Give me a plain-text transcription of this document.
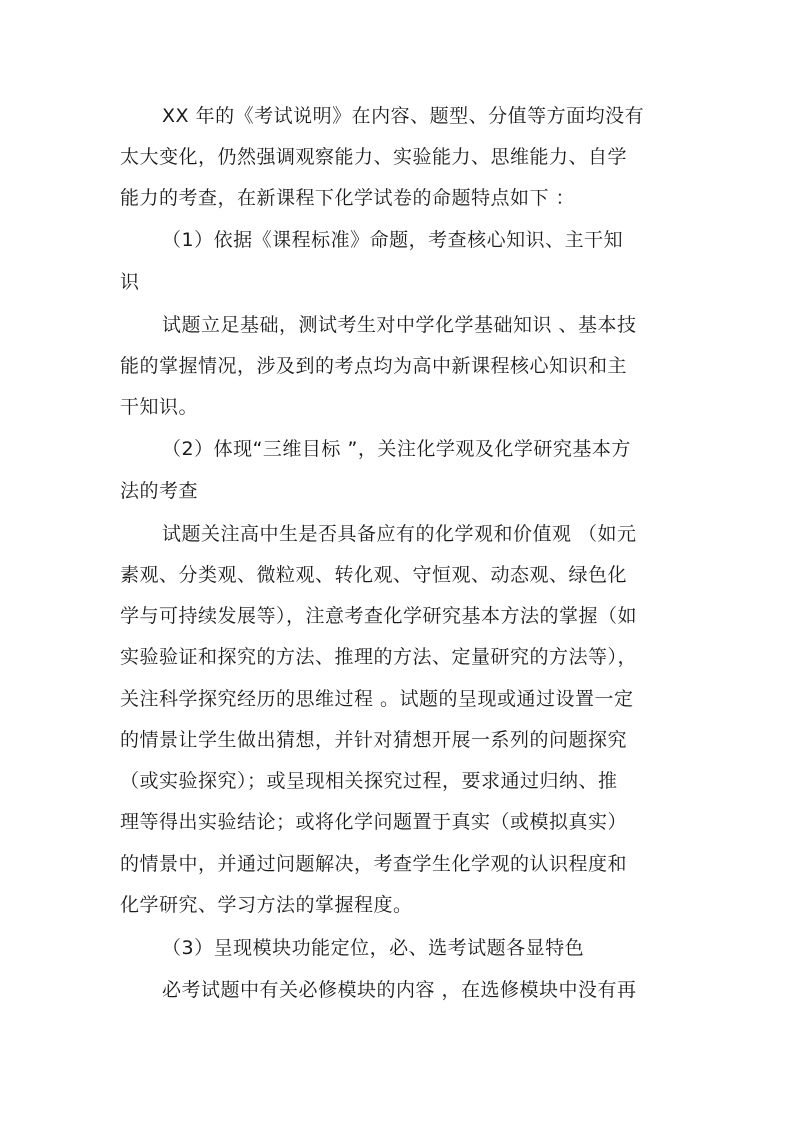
XX 年的《考试说明》在内容、题型、分值等方面均没有

太大变化，仍然强调观察能力、实验能力、思维能力、自学

能力的考查，在新课程下化学试卷的命题特点如下 ：

（1）依据《课程标准》命题，考查核心知识、主干知

识

试题立足基础，测试考生对中学化学基础知识 、基本技

能的掌握情况，涉及到的考点均为高中新课程核心知识和主

干知识。

（2）体现“三维目标 ”，关注化学观及化学研究基本方

法的考查

试题关注高中生是否具备应有的化学观和价值观 （如元

素观、分类观、微粒观、转化观、守恒观、动态观、绿色化

学与可持续发展等），注意考查化学研究基本方法的掌握（如

实验验证和探究的方法、推理的方法、定量研究的方法等），

关注科学探究经历的思维过程 。试题的呈现或通过设置一定

的情景让学生做出猜想，并针对猜想开展一系列的问题探究

（或实验探究）；或呈现相关探究过程，要求通过归纳、推

理等得出实验结论；或将化学问题置于真实（或模拟真实）

的情景中，并通过问题解决，考查学生化学观的认识程度和

化学研究、学习方法的掌握程度。

（3）呈现模块功能定位，必、选考试题各显特色

必考试题中有关必修模块的内容 ，在选修模块中没有再
